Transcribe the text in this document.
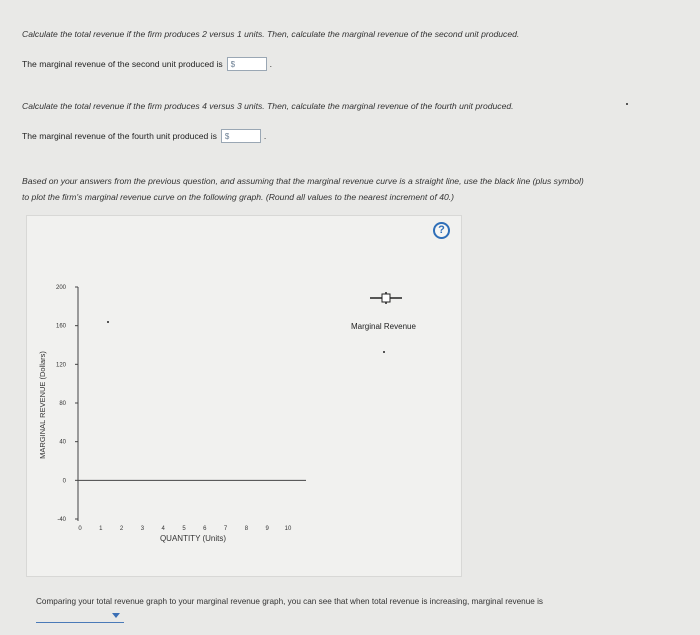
Calculate the total revenue if the firm produces 2 versus 1 units. Then, calculate the marginal revenue of the second unit produced.
The marginal revenue of the second unit produced is	$	.
Calculate the total revenue if the firm produces 4 versus 3 units. Then, calculate the marginal revenue of the fourth unit produced.
The marginal revenue of the fourth unit produced is	$	.
Based on your answers from the previous question, and assuming that the marginal revenue curve is a straight line, use the black line (plus symbol)
to plot the firm's marginal revenue curve on the following graph. (Round all values to the nearest increment of 40.)
?
MARGINAL REVENUE (Dollars)
QUANTITY (Units)
200
160
120
80
40
0
-40
0	1	2	3	4	5	6	7	8	9	10
Marginal Revenue
Comparing your total revenue graph to your marginal revenue graph, you can see that when total revenue is increasing, marginal revenue is
